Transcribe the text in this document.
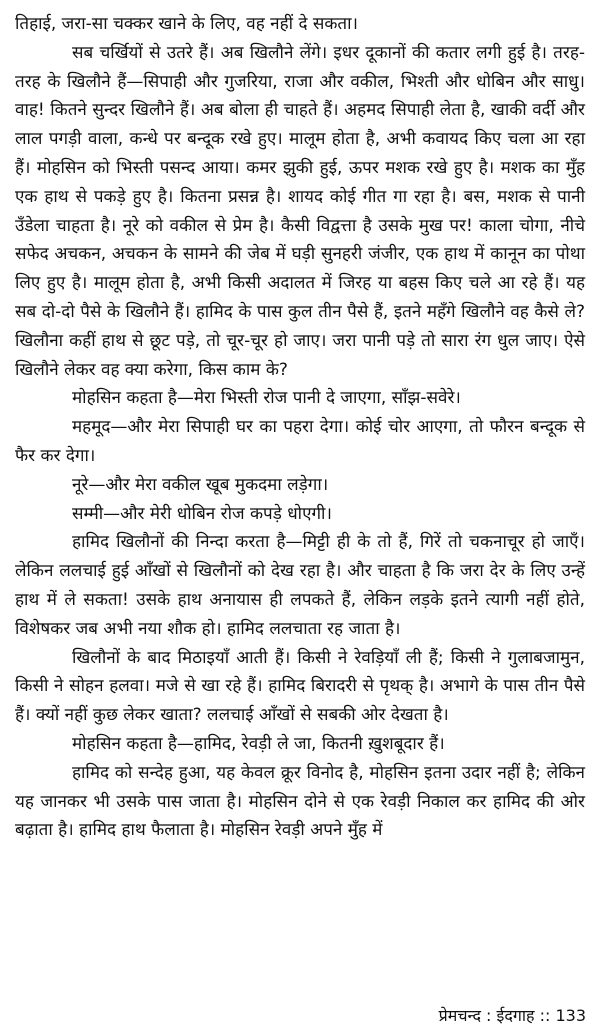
तिहाई, जरा-सा चक्कर खाने के लिए, वह नहीं दे सकता।

सब चर्खियों से उतरे हैं। अब खिलौने लेंगे। इधर दूकानों की कतार लगी हुई है। तरह-तरह के खिलौने हैं—सिपाही और गुजरिया, राजा और वकील, भिश्ती और धोबिन और साधु। वाह! कितने सुन्दर खिलौने हैं। अब बोला ही चाहते हैं। अहमद सिपाही लेता है, खाकी वर्दी और लाल पगड़ी वाला, कन्धे पर बन्दूक रखे हुए। मालूम होता है, अभी कवायद किए चला आ रहा हैं। मोहसिन को भिस्ती पसन्द आया। कमर झुकी हुई, ऊपर मशक रखे हुए है। मशक का मुँह एक हाथ से पकड़े हुए है। कितना प्रसन्न है। शायद कोई गीत गा रहा है। बस, मशक से पानी उँडेला चाहता है। नूरे को वकील से प्रेम है। कैसी विद्वत्ता है उसके मुख पर! काला चोगा, नीचे सफेद अचकन, अचकन के सामने की जेब में घड़ी सुनहरी जंजीर, एक हाथ में कानून का पोथा लिए हुए है। मालूम होता है, अभी किसी अदालत में जिरह या बहस किए चले आ रहे हैं। यह सब दो-दो पैसे के खिलौने हैं। हामिद के पास कुल तीन पैसे हैं, इतने महँगे खिलौने वह कैसे ले? खिलौना कहीं हाथ से छूट पड़े, तो चूर-चूर हो जाए। जरा पानी पड़े तो सारा रंग धुल जाए। ऐसे खिलौने लेकर वह क्या करेगा, किस काम के?

मोहसिन कहता है—मेरा भिस्ती रोज पानी दे जाएगा, साँझ-सवेरे।

महमूद—और मेरा सिपाही घर का पहरा देगा। कोई चोर आएगा, तो फौरन बन्दूक से फैर कर देगा।

नूरे—और मेरा वकील खूब मुकदमा लड़ेगा।

सम्मी—और मेरी धोबिन रोज कपड़े धोएगी।

हामिद खिलौनों की निन्दा करता है—मिट्टी ही के तो हैं, गिरें तो चकनाचूर हो जाएँ। लेकिन ललचाई हुई आँखों से खिलौनों को देख रहा है। और चाहता है कि जरा देर के लिए उन्हें हाथ में ले सकता! उसके हाथ अनायास ही लपकते हैं, लेकिन लड़के इतने त्यागी नहीं होते, विशेषकर जब अभी नया शौक हो। हामिद ललचाता रह जाता है।

खिलौनों के बाद मिठाइयाँ आती हैं। किसी ने रेवड़ियाँ ली हैं; किसी ने गुलाबजामुन, किसी ने सोहन हलवा। मजे से खा रहे हैं। हामिद बिरादरी से पृथक् है। अभागे के पास तीन पैसे हैं। क्यों नहीं कुछ लेकर खाता? ललचाई आँखों से सबकी ओर देखता है।

मोहसिन कहता है—हामिद, रेवड़ी ले जा, कितनी ख़ुशबूदार हैं।

हामिद को सन्देह हुआ, यह केवल क्रूर विनोद है, मोहसिन इतना उदार नहीं है; लेकिन यह जानकर भी उसके पास जाता है। मोहसिन दोने से एक रेवड़ी निकाल कर हामिद की ओर बढ़ाता है। हामिद हाथ फैलाता है। मोहसिन रेवड़ी अपने मुँह में

प्रेमचन्द : ईदगाह :: 133
